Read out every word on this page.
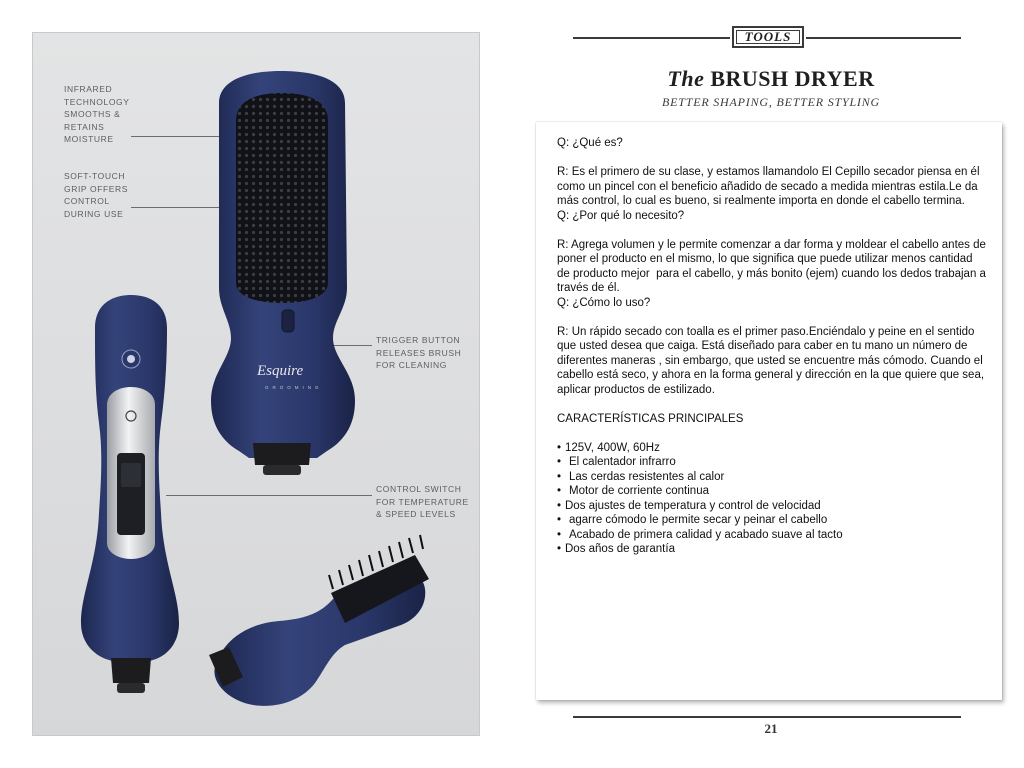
INFRARED
TECHNOLOGY
SMOOTHS &
RETAINS
MOISTURE
SOFT-TOUCH
GRIP OFFERS
CONTROL
DURING USE
TRIGGER BUTTON
RELEASES BRUSH
FOR CLEANING
CONTROL SWITCH
FOR TEMPERATURE
& SPEED LEVELS
Esquire
GROOMING
TOOLS
The BRUSH DRYER
BETTER SHAPING, BETTER STYLING

Q: ¿Qué es?

R: Es el primero de su clase, y estamos llamandolo El Cepillo secador piensa en él como un pincel con el beneficio añadido de secado a medida mientras estila.Le da más control, lo cual es bueno, si realmente importa en donde el cabello termina.

Q: ¿Por qué lo necesito?

R: Agrega volumen y le permite comenzar a dar forma y moldear el cabello antes de poner el producto en el mismo, lo que significa que puede utilizar menos cantidad de producto mejor  para el cabello, y más bonito (ejem) cuando los dedos trabajan a través de él.

Q: ¿Cómo lo uso?

R: Un rápido secado con toalla es el primer paso.Enciéndalo y peine en el sentido que usted desea que caiga. Está diseñado para caber en tu mano un número de diferentes maneras , sin embargo, que usted se encuentre más cómodo. Cuando el cabello está seco, y ahora en la forma general y dirección en la que quiere que sea, aplicar productos de estilizado.

CARACTERÍSTICAS PRINCIPALES

• 125V, 400W, 60Hz
• El calentador infrarro
• Las cerdas resistentes al calor
• Motor de corriente continua
• Dos ajustes de temperatura y control de velocidad
• agarre cómodo le permite secar y peinar el cabello
• Acabado de primera calidad y acabado suave al tacto
• Dos años de garantía
21
